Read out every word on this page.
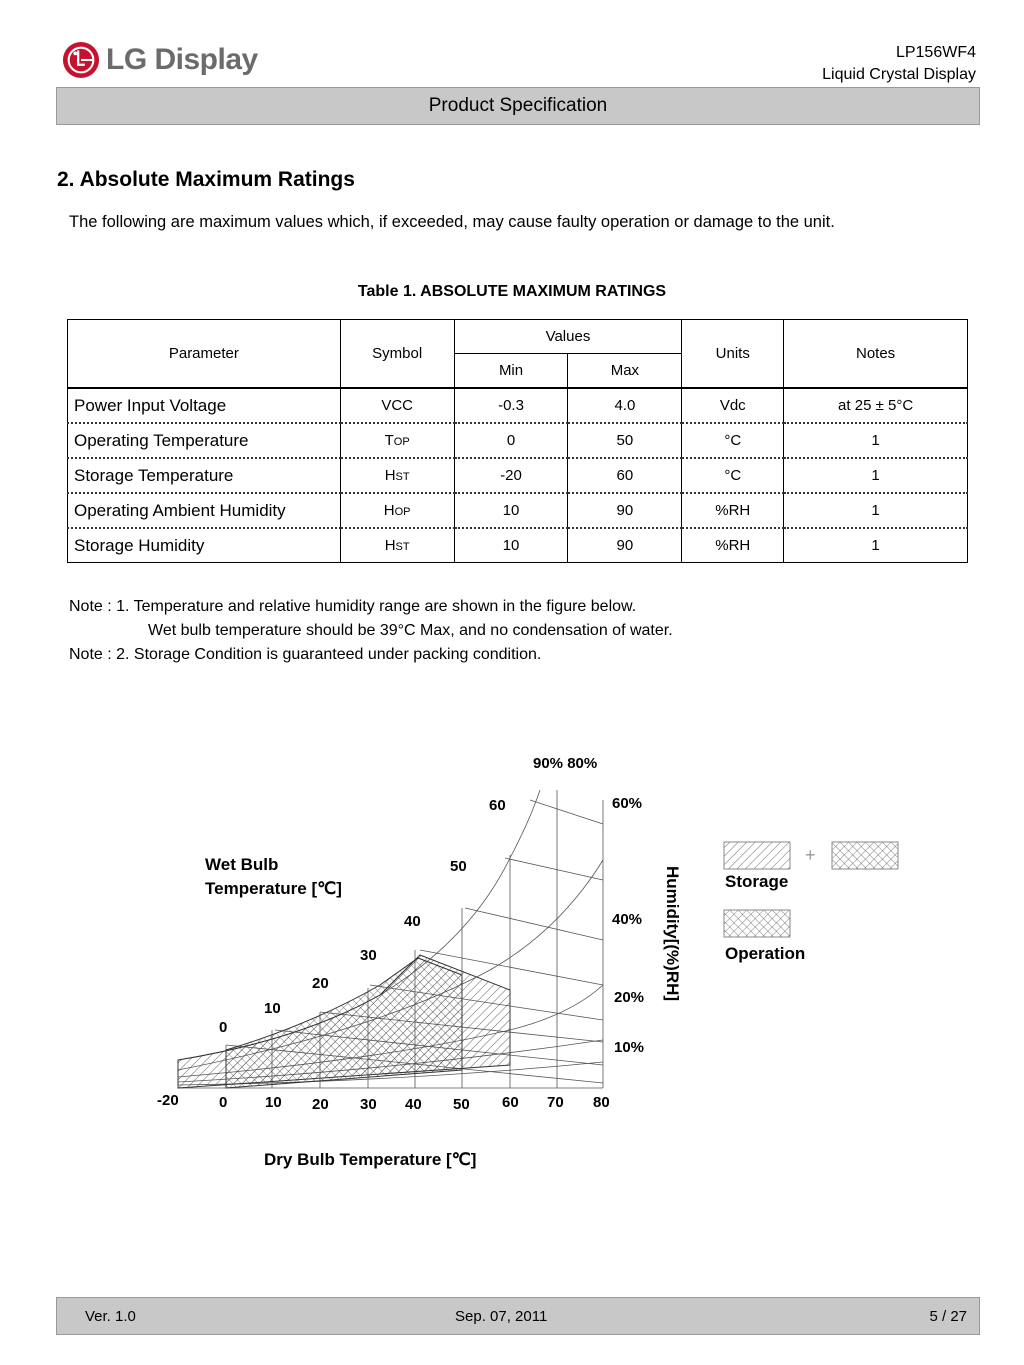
LG Display	LP156WF4
Liquid Crystal Display
Product Specification
2. Absolute Maximum Ratings
The following are maximum values which, if exceeded, may cause faulty operation or damage to the unit.
Table 1. ABSOLUTE MAXIMUM RATINGS
Parameter	Symbol	Values		Units	Notes
		Min	Max		
Power Input Voltage	VCC	-0.3	4.0	Vdc	at 25 ± 5°C
Operating Temperature	TOP	0	50	°C	1
Storage Temperature	HST	-20	60	°C	1
Operating Ambient Humidity	HOP	10	90	%RH	1
Storage Humidity	HST	10	90	%RH	1
Note : 1. Temperature and relative humidity range are shown in the figure below.
Wet bulb temperature should be 39°C Max, and no condensation of water.
Note : 2. Storage Condition is guaranteed under packing condition.
90% 80%
Wet Bulb
Temperature [℃]
60
50
40
30
20
10
0
60%
40%
20%
10%
-20	0	10 20 30 40 50 60 70 80
Dry Bulb Temperature [℃]
Humidity[(%)RH]	Storage
Operation
+
Ver. 1.0	Sep. 07, 2011	5 / 27
